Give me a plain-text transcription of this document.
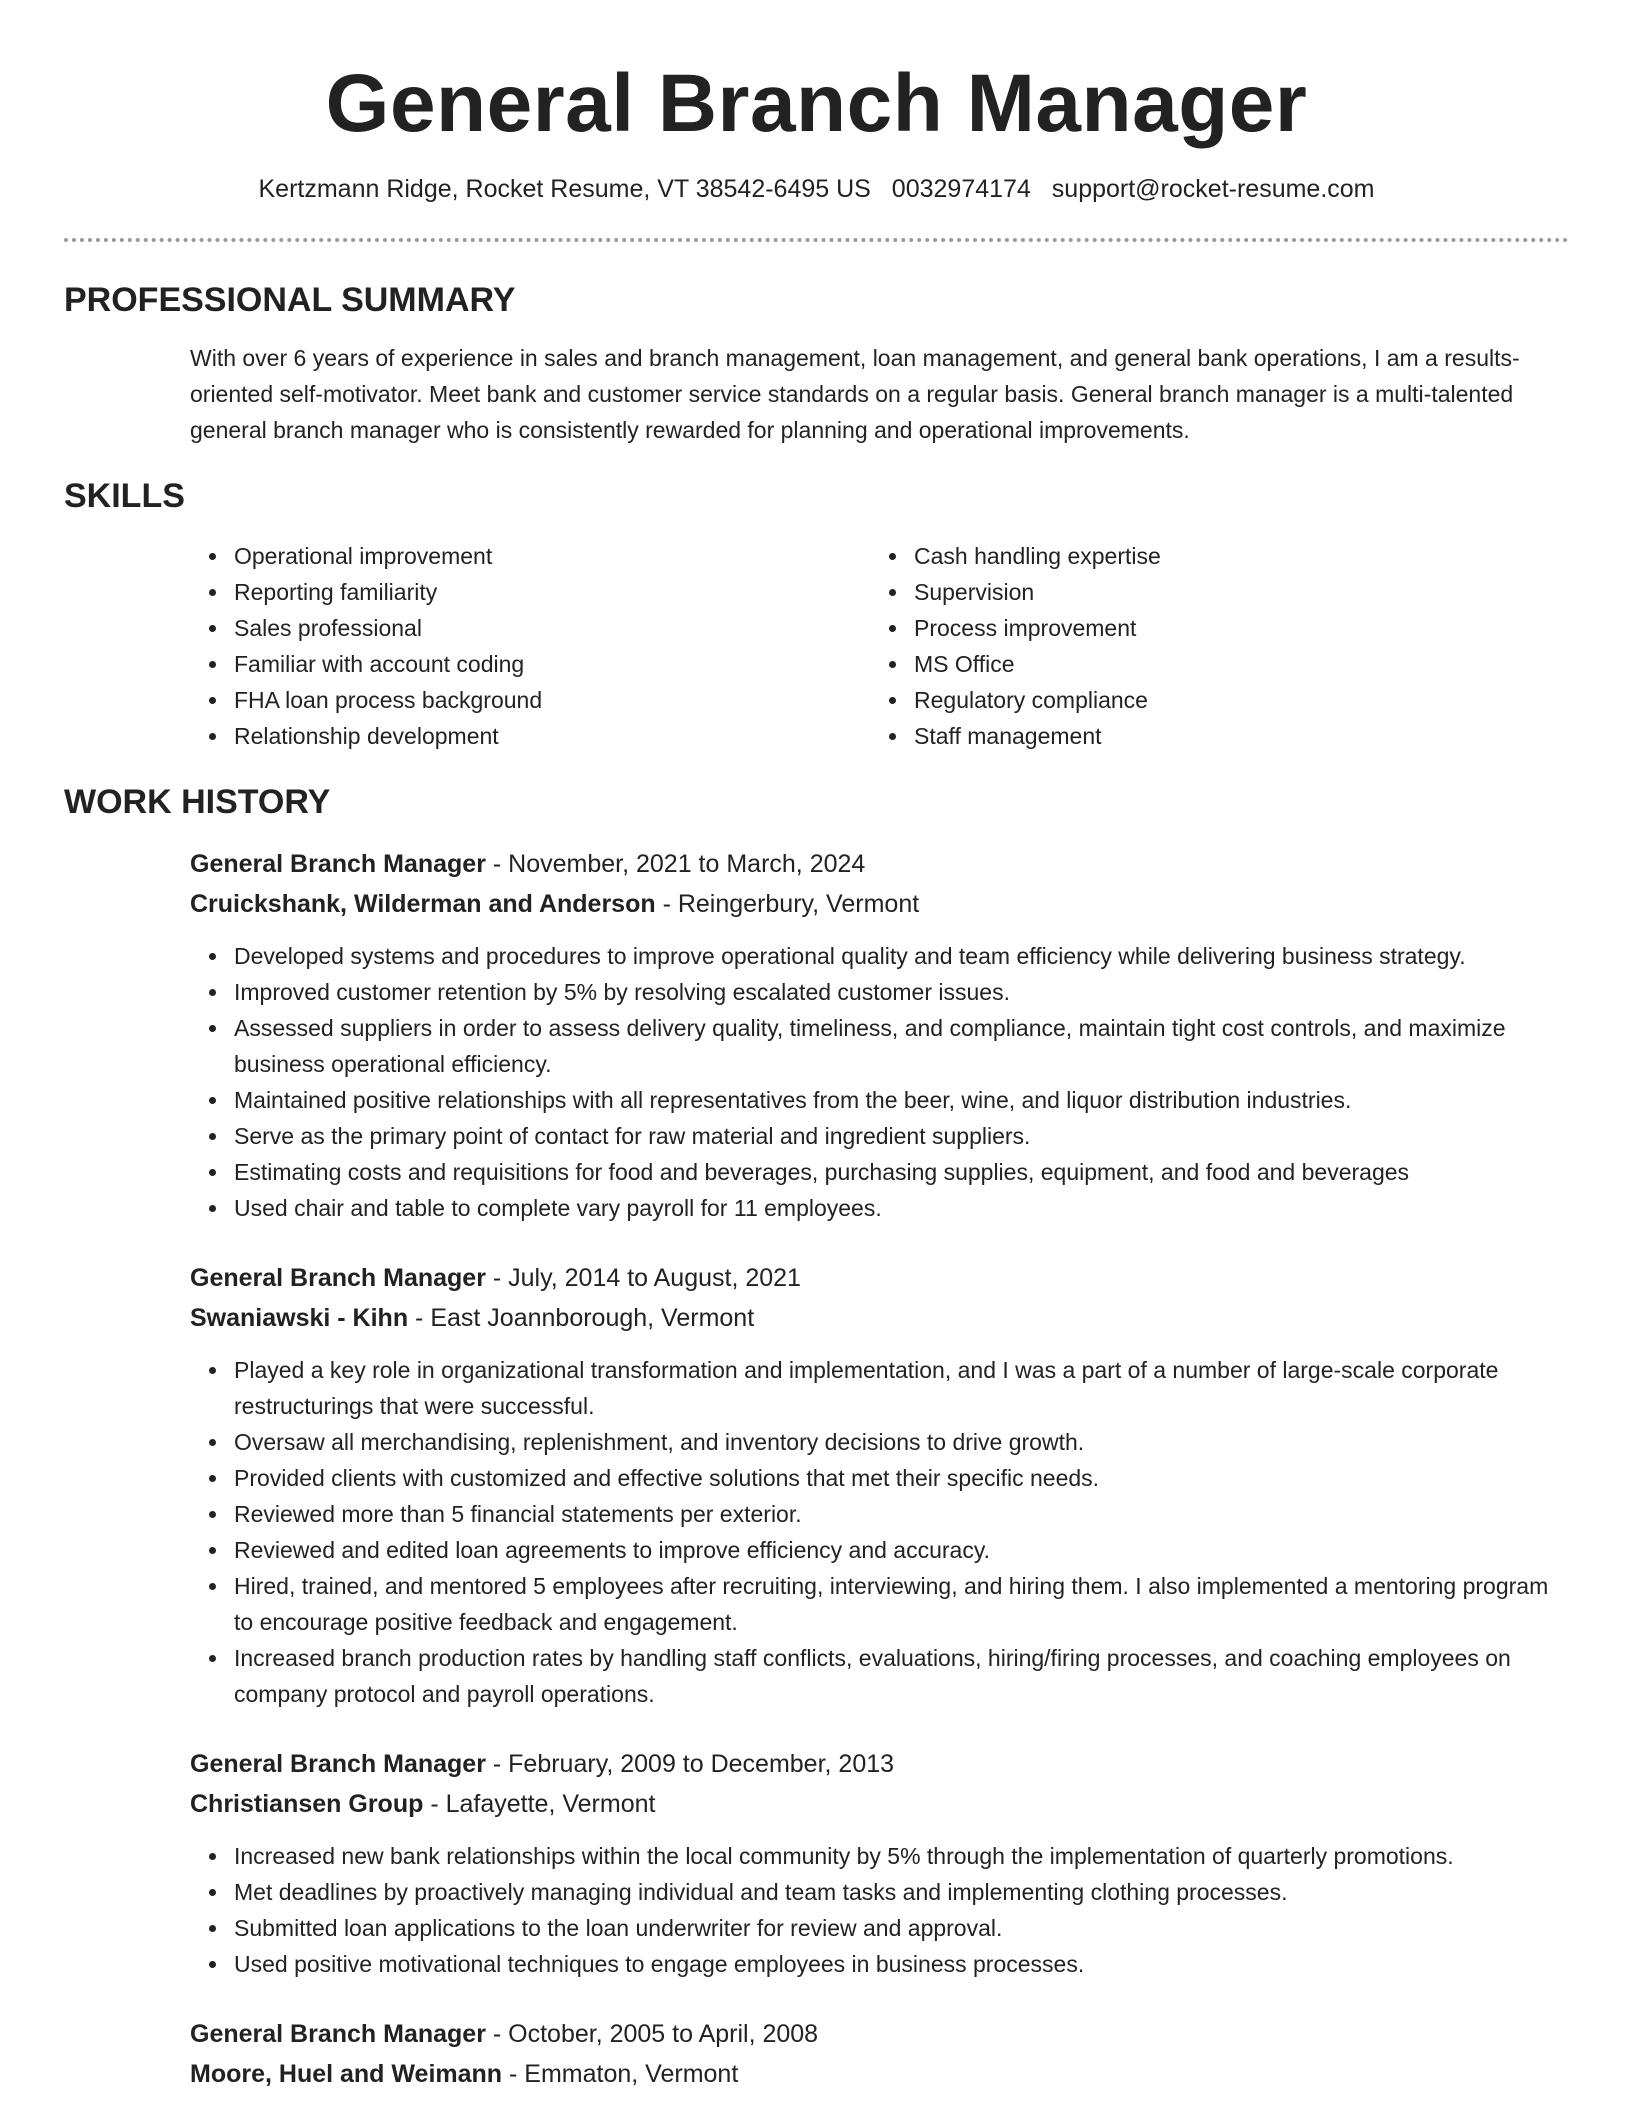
General Branch Manager
Kertzmann Ridge, Rocket Resume, VT 38542-6495 US 0032974174 support@rocket-resume.com
PROFESSIONAL SUMMARY
With over 6 years of experience in sales and branch management, loan management, and general bank operations, I am a results-oriented self-motivator. Meet bank and customer service standards on a regular basis. General branch manager is a multi-talented general branch manager who is consistently rewarded for planning and operational improvements.
SKILLS
Operational improvement
Reporting familiarity
Sales professional
Familiar with account coding
FHA loan process background
Relationship development
Cash handling expertise
Supervision
Process improvement
MS Office
Regulatory compliance
Staff management
WORK HISTORY
General Branch Manager - November, 2021 to March, 2024
Cruickshank, Wilderman and Anderson - Reingerbury, Vermont
Developed systems and procedures to improve operational quality and team efficiency while delivering business strategy.
Improved customer retention by 5% by resolving escalated customer issues.
Assessed suppliers in order to assess delivery quality, timeliness, and compliance, maintain tight cost controls, and maximize business operational efficiency.
Maintained positive relationships with all representatives from the beer, wine, and liquor distribution industries.
Serve as the primary point of contact for raw material and ingredient suppliers.
Estimating costs and requisitions for food and beverages, purchasing supplies, equipment, and food and beverages
Used chair and table to complete vary payroll for 11 employees.
General Branch Manager - July, 2014 to August, 2021
Swaniawski - Kihn - East Joannborough, Vermont
Played a key role in organizational transformation and implementation, and I was a part of a number of large-scale corporate restructurings that were successful.
Oversaw all merchandising, replenishment, and inventory decisions to drive growth.
Provided clients with customized and effective solutions that met their specific needs.
Reviewed more than 5 financial statements per exterior.
Reviewed and edited loan agreements to improve efficiency and accuracy.
Hired, trained, and mentored 5 employees after recruiting, interviewing, and hiring them. I also implemented a mentoring program to encourage positive feedback and engagement.
Increased branch production rates by handling staff conflicts, evaluations, hiring/firing processes, and coaching employees on company protocol and payroll operations.
General Branch Manager - February, 2009 to December, 2013
Christiansen Group - Lafayette, Vermont
Increased new bank relationships within the local community by 5% through the implementation of quarterly promotions.
Met deadlines by proactively managing individual and team tasks and implementing clothing processes.
Submitted loan applications to the loan underwriter for review and approval.
Used positive motivational techniques to engage employees in business processes.
General Branch Manager - October, 2005 to April, 2008
Moore, Huel and Weimann - Emmaton, Vermont
